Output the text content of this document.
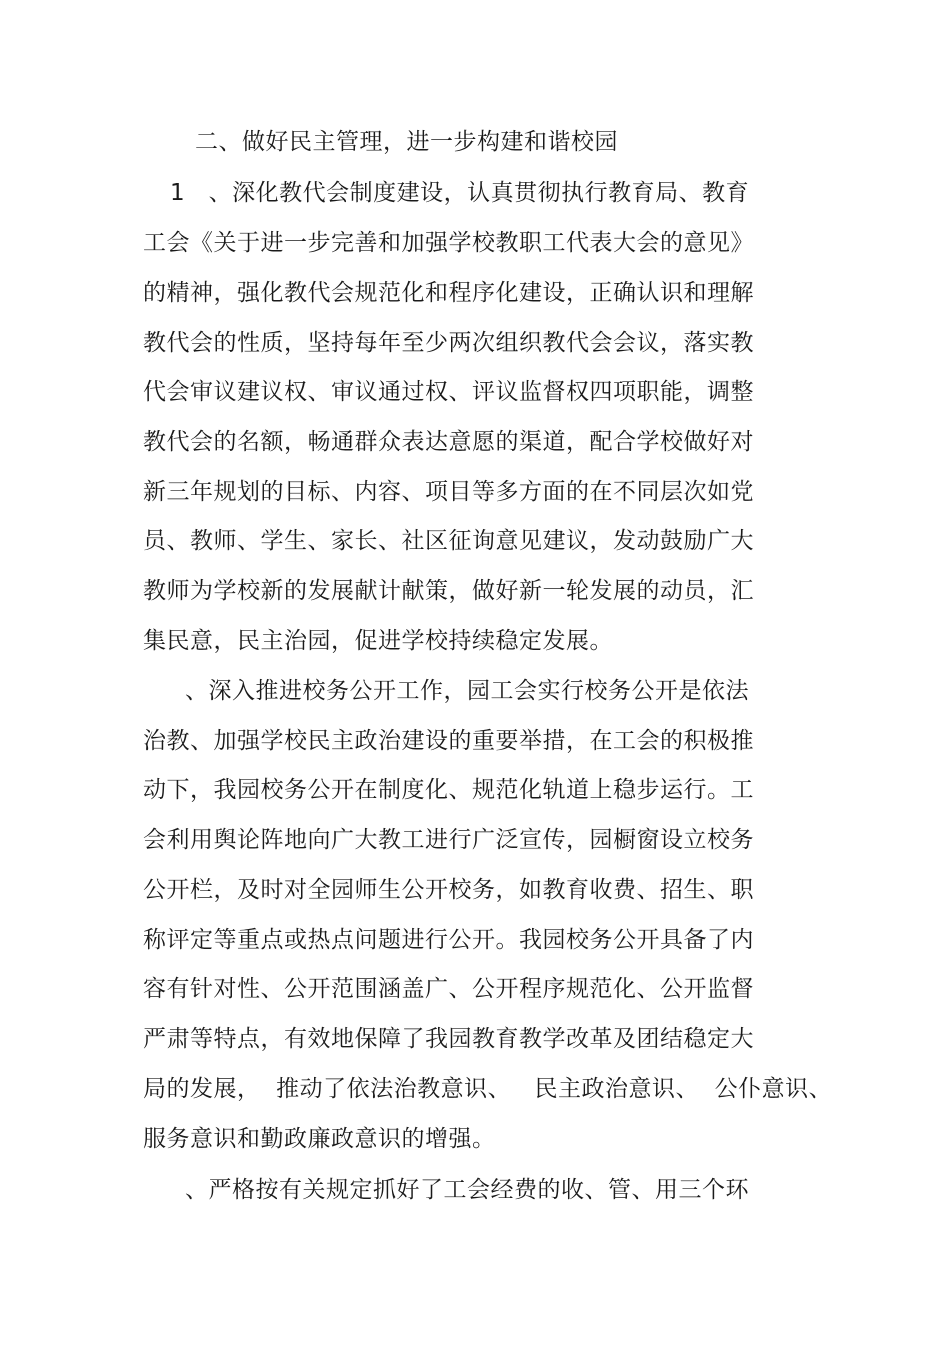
二、做好民主管理，进一步构建和谐校园
1　、深化教代会制度建设，认真贯彻执行教育局、教育
工会《关于进一步完善和加强学校教职工代表大会的意见》
的精神，强化教代会规范化和程序化建设，正确认识和理解
教代会的性质，坚持每年至少两次组织教代会会议，落实教
代会审议建议权、审议通过权、评议监督权四项职能，调整
教代会的名额，畅通群众表达意愿的渠道，配合学校做好对
新三年规划的目标、内容、项目等多方面的在不同层次如党
员、教师、学生、家长、社区征询意见建议，发动鼓励广大
教师为学校新的发展献计献策，做好新一轮发展的动员，汇
集民意，民主治园，促进学校持续稳定发展。
、深入推进校务公开工作，园工会实行校务公开是依法
治教、加强学校民主政治建设的重要举措，在工会的积极推
动下，我园校务公开在制度化、规范化轨道上稳步运行。工
会利用舆论阵地向广大教工进行广泛宣传，园橱窗设立校务
公开栏，及时对全园师生公开校务，如教育收费、招生、职
称评定等重点或热点问题进行公开。我园校务公开具备了内
容有针对性、公开范围涵盖广、公开程序规范化、公开监督
严肃等特点，有效地保障了我园教育教学改革及团结稳定大
局的发展，  推动了依法治教意识、   民主政治意识、  公仆意识、
服务意识和勤政廉政意识的增强。
、严格按有关规定抓好了工会经费的收、管、用三个环
